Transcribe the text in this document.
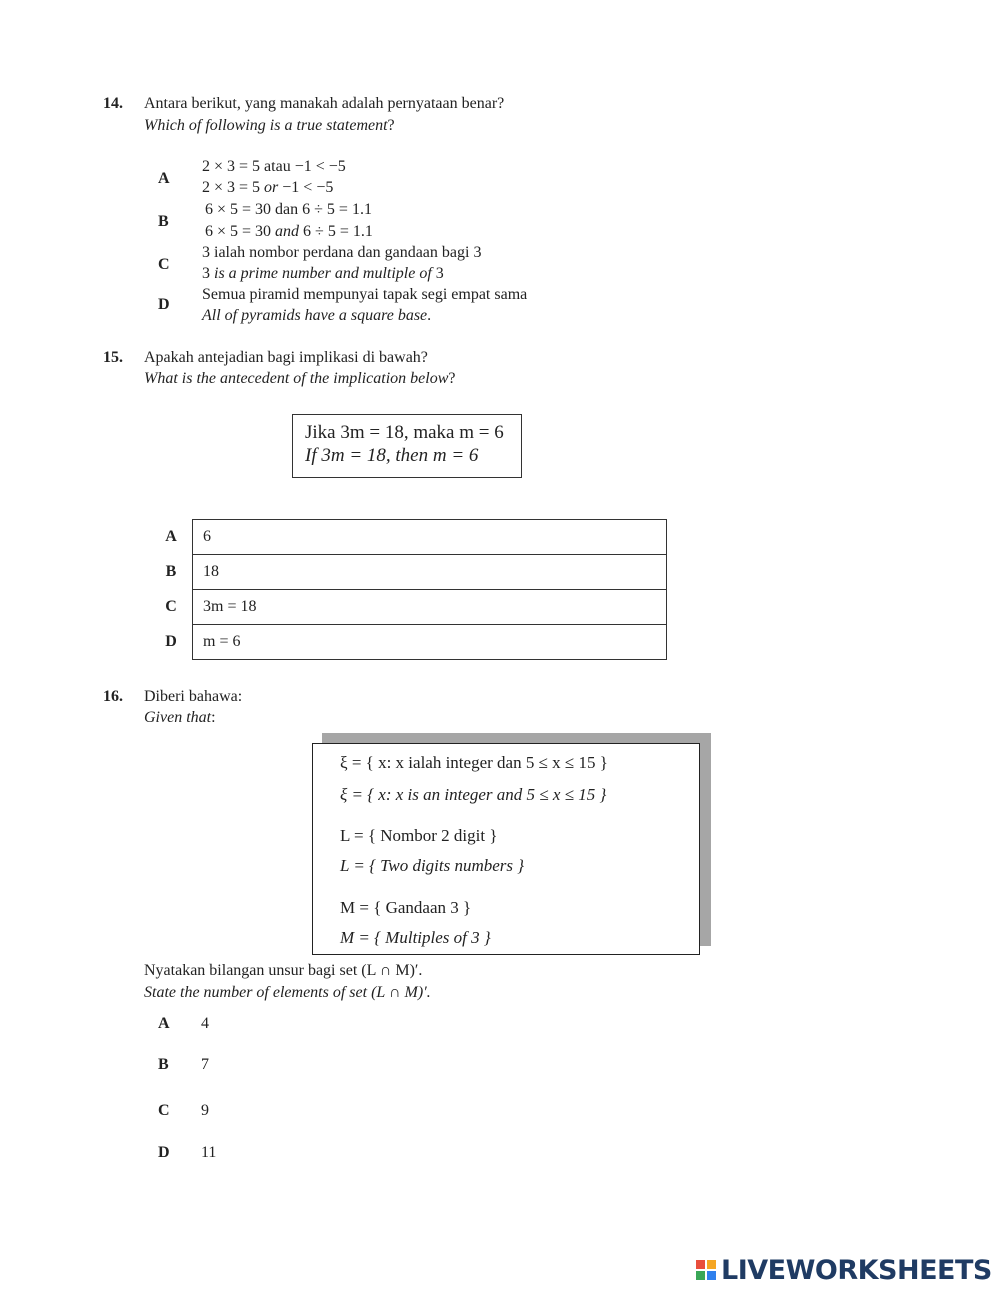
14. Antara berikut, yang manakah adalah pernyataan benar?
Which of following is a true statement?
A
2 × 3 = 5 atau −1 < −5
2 × 3 = 5 or −1 < −5
B
6 × 5 = 30 dan 6 ÷ 5 = 1.1
6 × 5 = 30 and 6 ÷ 5 = 1.1
C
3 ialah nombor perdana dan gandaan bagi 3
3 is a prime number and multiple of 3
D
Semua piramid mempunyai tapak segi empat sama
All of pyramids have a square base.
15. Apakah antejadian bagi implikasi di bawah?
What is the antecedent of the implication below?
Jika 3m = 18, maka m = 6
If 3m = 18, then m = 6
A	6
B	18
C	3m = 18
D	m = 6
16. Diberi bahawa:
Given that:
ξ = { x: x ialah integer dan 5 ≤ x ≤ 15 }
ξ = { x: x is an integer and 5 ≤ x ≤ 15 }
L = { Nombor 2 digit }
L = { Two digits numbers }
M = { Gandaan 3 }
M = { Multiples of 3 }
Nyatakan bilangan unsur bagi set (L ∩ M)′.
State the number of elements of set (L ∩ M)′.
A 4
B 7
C 9
D 11
LIVEWORKSHEETS
